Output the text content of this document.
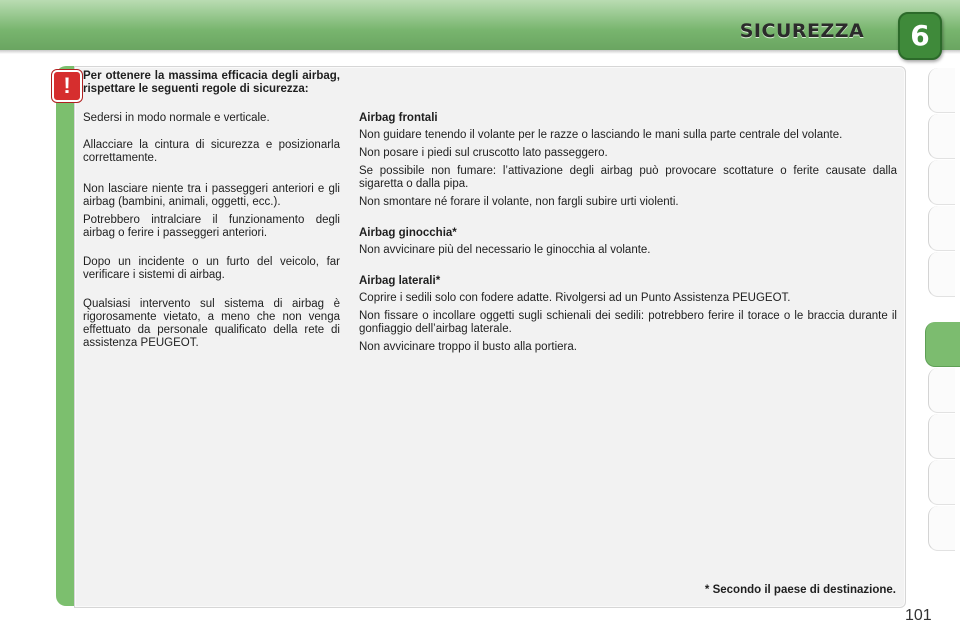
SICUREZZA	6
!	Per ottenere la massima efficacia degli airbag, rispettare le seguenti regole di sicurezza:

Sedersi in modo normale e verticale.

Allacciare la cintura di sicurezza e posizionarla correttamente.

Non lasciare niente tra i passeggeri anteriori e gli airbag (bambini, animali, oggetti, ecc.).

Potrebbero intralciare il funzionamento degli airbag o ferire i passeggeri anteriori.

Dopo un incidente o un furto del veicolo, far verificare i sistemi di airbag.

Qualsiasi intervento sul sistema di airbag è rigorosamente vietato, a meno che non venga effettuato da personale qualificato della rete di assistenza PEUGEOT.

Airbag frontali

Non guidare tenendo il volante per le razze o lasciando le mani sulla parte centrale del volante.

Non posare i piedi sul cruscotto lato passeggero.

Se possibile non fumare: l’attivazione degli airbag può provocare scottature o ferite causate dalla sigaretta o dalla pipa.

Non smontare né forare il volante, non fargli subire urti violenti.

Airbag ginocchia*

Non avvicinare più del necessario le ginocchia al volante.

Airbag laterali*

Coprire i sedili solo con fodere adatte. Rivolgersi ad un Punto Assistenza PEUGEOT.

Non fissare o incollare oggetti sugli schienali dei sedili: potrebbero ferire il torace o le braccia durante il gonfiaggio dell’airbag laterale.

Non avvicinare troppo il busto alla portiera.

* Secondo il paese di destinazione.
101
